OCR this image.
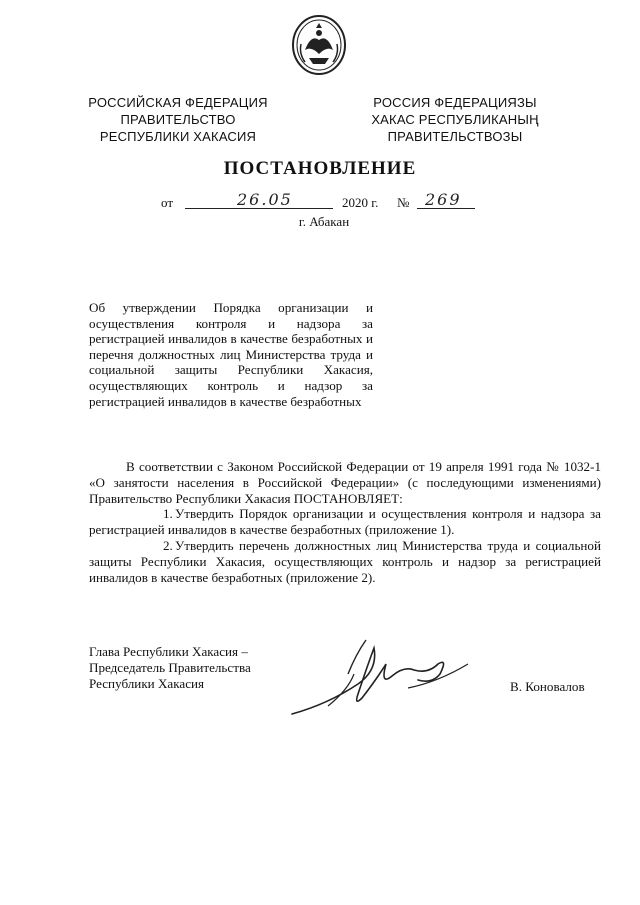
РОССИЙСКАЯ ФЕДЕРАЦИЯ
ПРАВИТЕЛЬСТВО
РЕСПУБЛИКИ ХАКАСИЯ
РОССИЯ ФЕДЕРАЦИЯЗЫ
ХАКАС РЕСПУБЛИКАНЫҢ
ПРАВИТЕЛЬСТВОЗЫ
ПОСТАНОВЛЕНИЕ
от	26.05	2020 г. № 269
г. Абакан
Об утверждении Порядка организации и осуществления контроля и надзора за регистрацией инвалидов в качестве безработных и перечня должностных лиц Министерства труда и социальной защиты Республики Хакасия, осуществляющих контроль и надзор за регистрацией инвалидов в качестве безработных

В соответствии с Законом Российской Федерации от 19 апреля 1991 года № 1032-1 «О занятости населения в Российской Федерации» (с последующими изменениями) Правительство Республики Хакасия ПОСТАНОВЛЯЕТ:

1. Утвердить Порядок организации и осуществления контроля и надзора за регистрацией инвалидов в качестве безработных (приложение 1).

2. Утвердить перечень должностных лиц Министерства труда и социальной защиты Республики Хакасия, осуществляющих контроль и надзор за регистрацией инвалидов в качестве безработных (приложение 2).

Глава Республики Хакасия –
Председатель Правительства
Республики Хакасия	В. Коновалов
